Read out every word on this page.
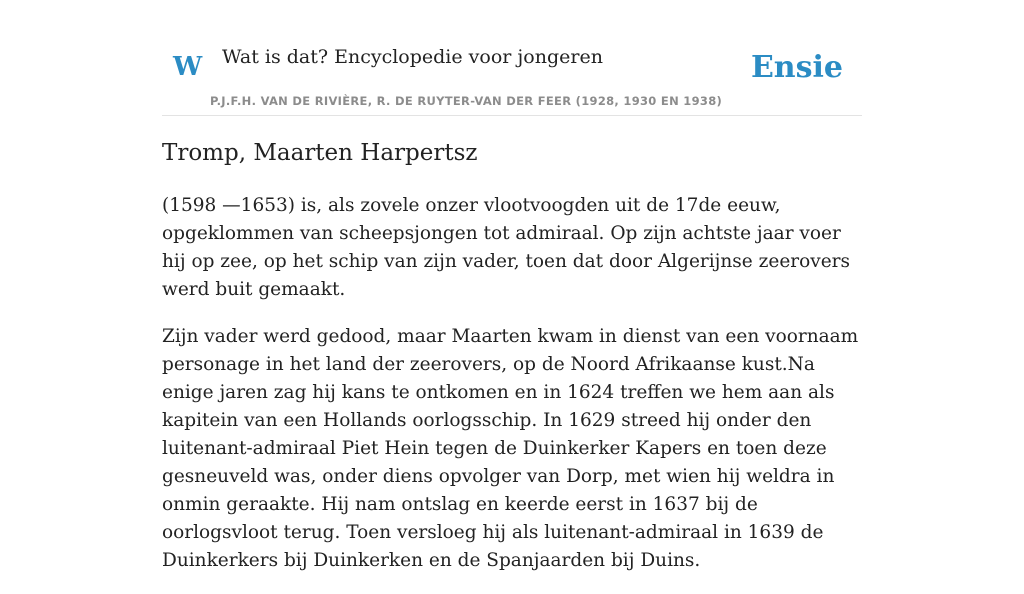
W Wat is dat? Encyclopedie voor jongeren
P.J.F.H. VAN DE RIVIÈRE, R. DE RUYTER-VAN DER FEER (1928, 1930 EN 1938)
Ensie
Tromp, Maarten Harpertsz

(1598 —1653) is, als zovele onzer vlootvoogden uit de 17de eeuw, opgeklommen van scheepsjongen tot admiraal. Op zijn achtste jaar voer hij op zee, op het schip van zijn vader, toen dat door Algerijnse zeerovers werd buit gemaakt.

Zijn vader werd gedood, maar Maarten kwam in dienst van een voornaam personage in het land der zeerovers, op de Noord Afrikaanse kust.Na enige jaren zag hij kans te ontkomen en in 1624 treffen we hem aan als kapitein van een Hollands oorlogsschip. In 1629 streed hij onder den luitenant-admiraal Piet Hein tegen de Duinkerker Kapers en toen deze gesneuveld was, onder diens opvolger van Dorp, met wien hij weldra in onmin geraakte. Hij nam ontslag en keerde eerst in 1637 bij de oorlogsvloot terug. Toen versloeg hij als luitenant-admiraal in 1639 de Duinkerkers bij Duinkerken en de Spanjaarden bij Duins.
